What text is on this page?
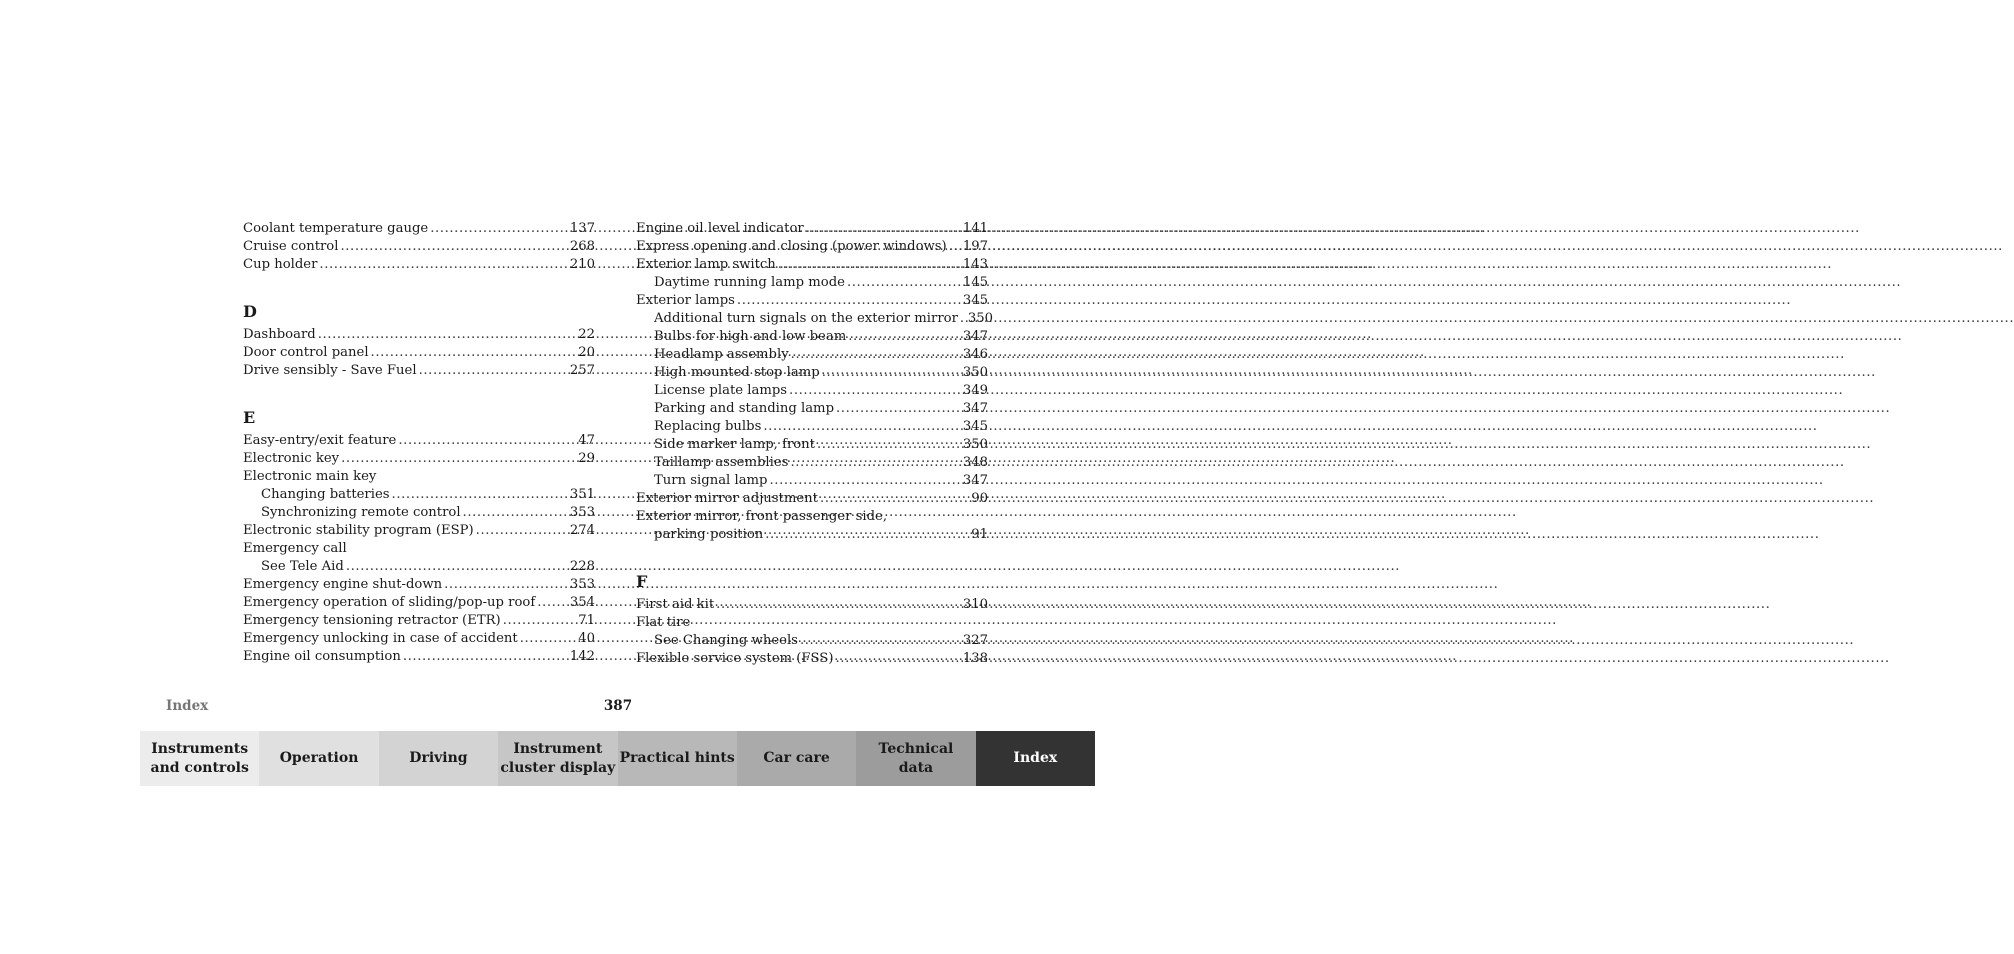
Coolant temperature gauge .....	137
Cruise control .....	268
Cup holder .....	210
D
Dashboard .....	22
Door control panel .....	20
Drive sensibly - Save Fuel .....	257
E
Easy-entry/exit feature .....	47
Electronic key .....	29
Electronic main key
Changing batteries .....	351
Synchronizing remote control .....	353
Electronic stability program (ESP) .....	274
Emergency call
See Tele Aid .....	228
Emergency engine shut-down .....	353
Emergency operation of sliding/pop-up roof .....	354
Emergency tensioning retractor (ETR) .....	71
Emergency unlocking in case of accident .....	40
Engine oil consumption .....	142
Engine oil level indicator .....	141
Express opening and closing (power windows) ..... 197
Exterior lamp switch .....	143
Daytime running lamp mode .....	145
Exterior lamps .....	345
Additional turn signals on the exterior mirror ..... 350
Bulbs for high and low beam .....	347
Headlamp assembly .....	346
High mounted stop lamp .....	350
License plate lamps .....	349
Parking and standing lamp .....	347
Replacing bulbs .....	345
Side marker lamp, front .....	350
Taillamp assemblies .....	348
Turn signal lamp .....	347
Exterior mirror adjustment .....	90
Exterior mirror, front passenger side,
parking position .....	91
F
First aid kit .....	310
Flat tire
See Changing wheels .....	327
Flexible service system (FSS) .....	138
Index	387
Instruments
and controls
Operation	Driving
Instrument
cluster display
Practical hints	Car care
Technical
data
Index
